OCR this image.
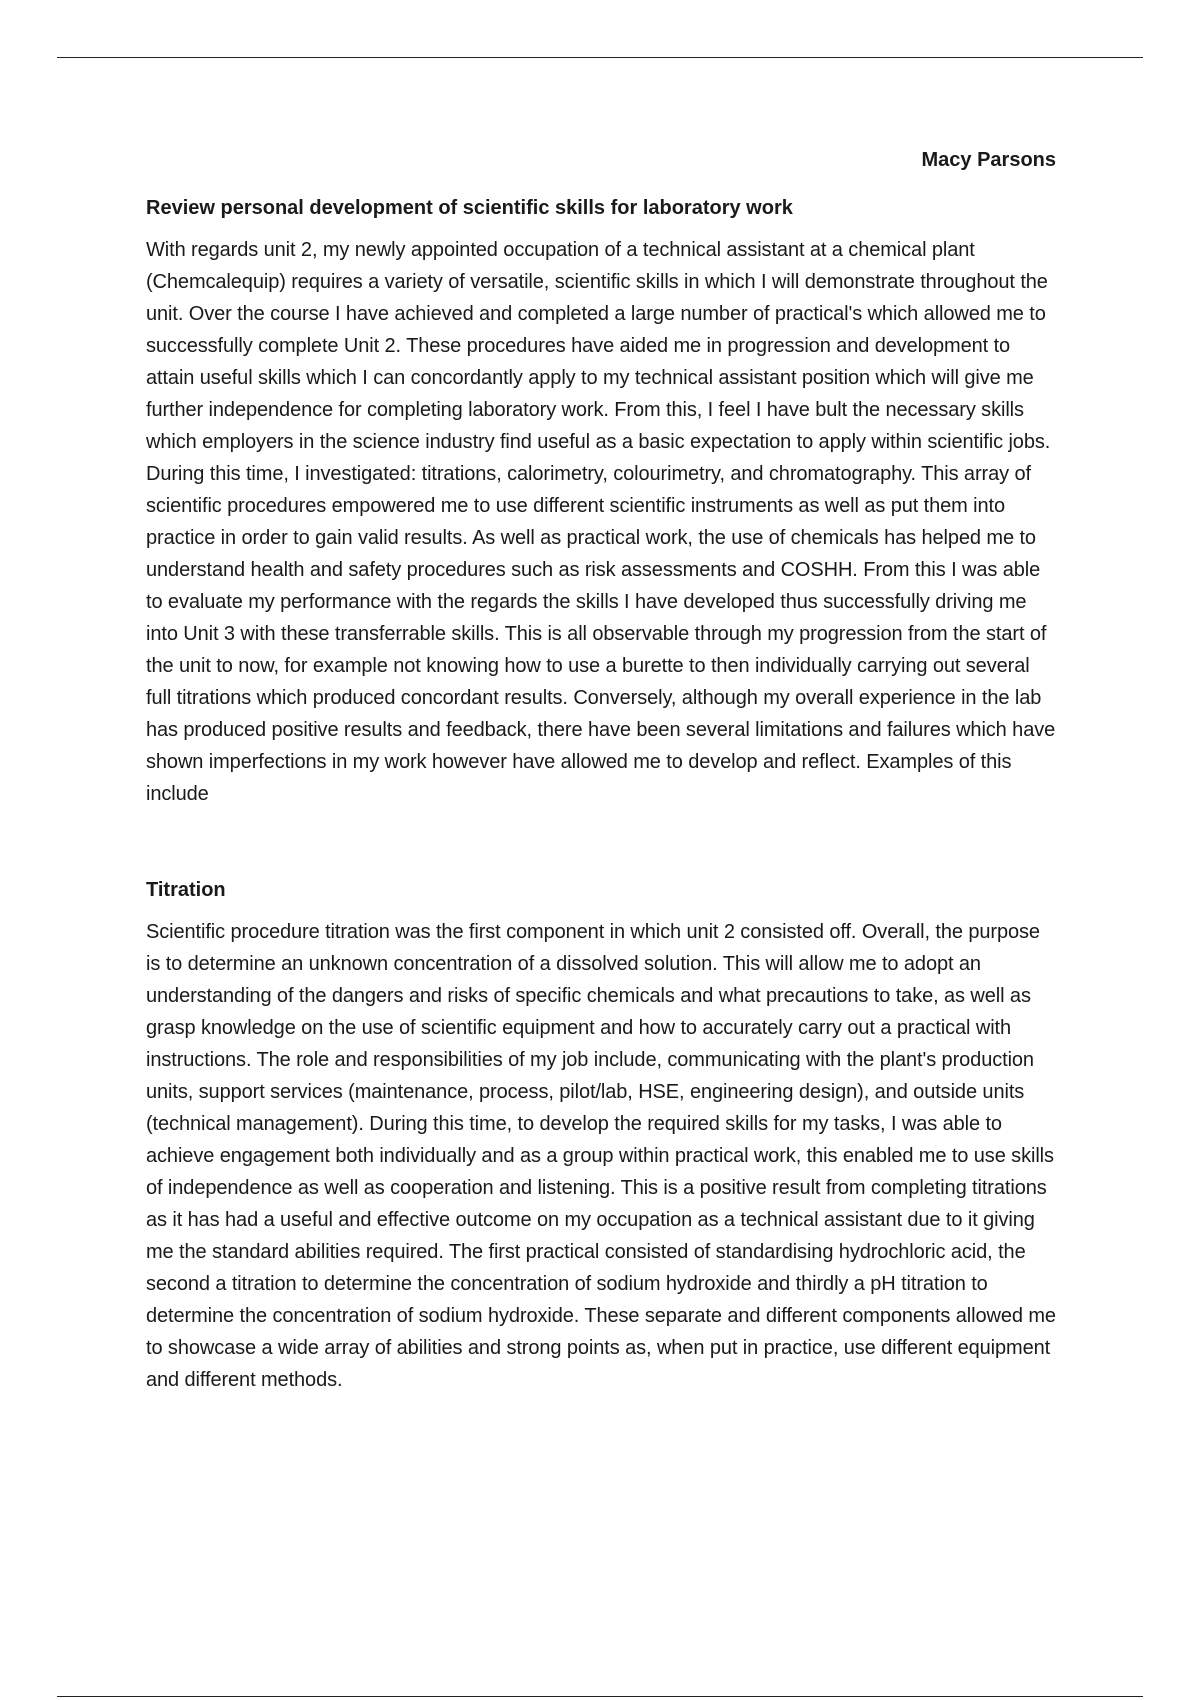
Macy Parsons
Review personal development of scientific skills for laboratory work

With regards unit 2, my newly appointed occupation of a technical assistant at a chemical plant (Chemcalequip) requires a variety of versatile, scientific skills in which I will demonstrate throughout the unit. Over the course I have achieved and completed a large number of practical's which allowed me to successfully complete Unit 2. These procedures have aided me in progression and development to attain useful skills which I can concordantly apply to my technical assistant position which will give me further independence for completing laboratory work. From this, I feel I have bult the necessary skills which employers in the science industry find useful as a basic expectation to apply within scientific jobs. During this time, I investigated: titrations, calorimetry, colourimetry, and chromatography. This array of scientific procedures empowered me to use different scientific instruments as well as put them into practice in order to gain valid results. As well as practical work, the use of chemicals has helped me to understand health and safety procedures such as risk assessments and COSHH. From this I was able to evaluate my performance with the regards the skills I have developed thus successfully driving me into Unit 3 with these transferrable skills. This is all observable through my progression from the start of the unit to now, for example not knowing how to use a burette to then individually carrying out several full titrations which produced concordant results. Conversely, although my overall experience in the lab has produced positive results and feedback, there have been several limitations and failures which have shown imperfections in my work however have allowed me to develop and reflect. Examples of this include

Titration

Scientific procedure titration was the first component in which unit 2 consisted off. Overall, the purpose is to determine an unknown concentration of a dissolved solution. This will allow me to adopt an understanding of the dangers and risks of specific chemicals and what precautions to take, as well as grasp knowledge on the use of scientific equipment and how to accurately carry out a practical with instructions. The role and responsibilities of my job include, communicating with the plant's production units, support services (maintenance, process, pilot/lab, HSE, engineering design), and outside units (technical management). During this time, to develop the required skills for my tasks, I was able to achieve engagement both individually and as a group within practical work, this enabled me to use skills of independence as well as cooperation and listening. This is a positive result from completing titrations as it has had a useful and effective outcome on my occupation as a technical assistant due to it giving me the standard abilities required. The first practical consisted of standardising hydrochloric acid, the second a titration to determine the concentration of sodium hydroxide and thirdly a pH titration to determine the concentration of sodium hydroxide. These separate and different components allowed me to showcase a wide array of abilities and strong points as, when put in practice, use different equipment and different methods.
